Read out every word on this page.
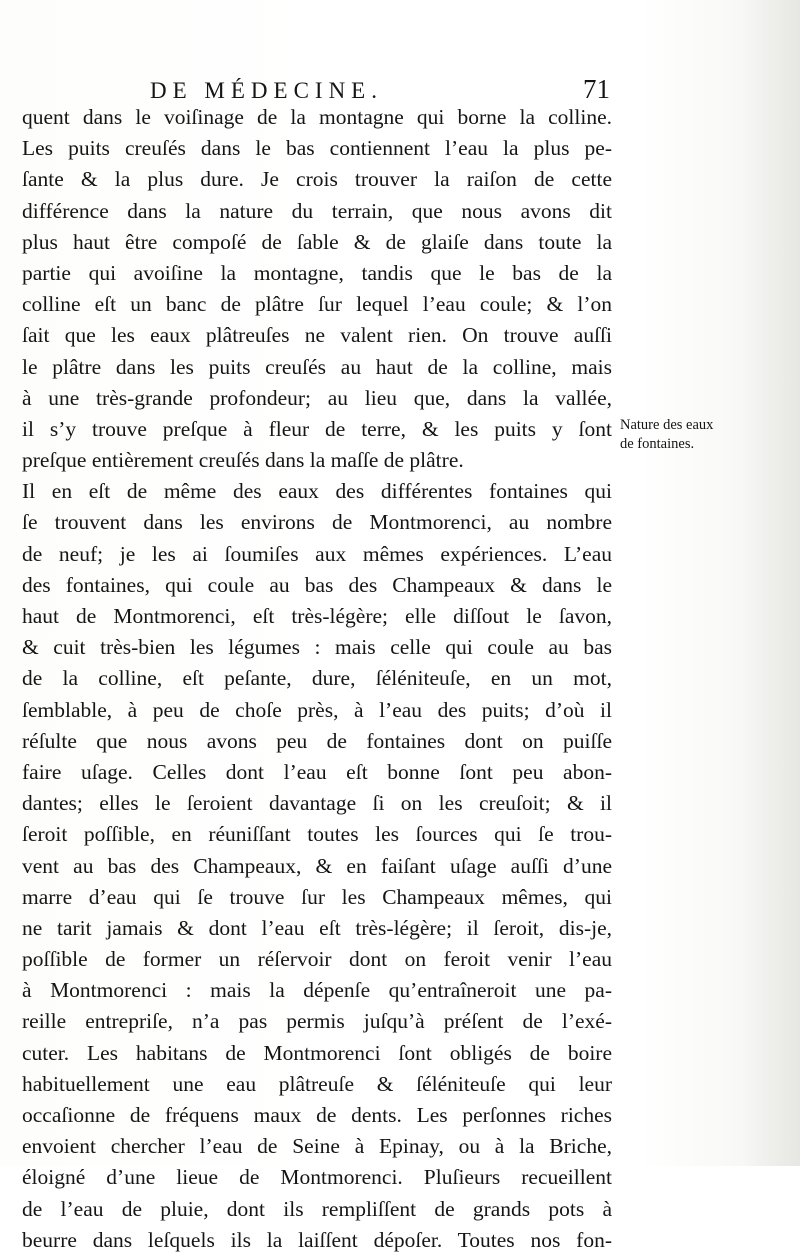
DE MÉDECINE.	71
quent dans le voiſinage de la montagne qui borne la colline.
Les puits creuſés dans le bas contiennent l’eau la plus pe-
ſante & la plus dure. Je crois trouver la raiſon de cette
différence dans la nature du terrain, que nous avons dit
plus haut être compoſé de ſable & de glaiſe dans toute la
partie qui avoiſine la montagne, tandis que le bas de la
colline eſt un banc de plâtre ſur lequel l’eau coule; & l’on
ſait que les eaux plâtreuſes ne valent rien. On trouve auſſi
le plâtre dans les puits creuſés au haut de la colline, mais
à une très-grande profondeur; au lieu que, dans la vallée,
il s’y trouve preſque à fleur de terre, & les puits y ſont
preſque entièrement creuſés dans la maſſe de plâtre.
Il en eſt de même des eaux des différentes fontaines qui
ſe trouvent dans les environs de Montmorenci, au nombre
de neuf; je les ai ſoumiſes aux mêmes expériences. L’eau
des fontaines, qui coule au bas des Champeaux & dans le
haut de Montmorenci, eſt très-légère; elle diſſout le ſavon,
& cuit très-bien les légumes : mais celle qui coule au bas
de la colline, eſt peſante, dure, ſéléniteuſe, en un mot,
ſemblable, à peu de choſe près, à l’eau des puits; d’où il
réſulte que nous avons peu de fontaines dont on puiſſe
faire uſage. Celles dont l’eau eſt bonne ſont peu abon-
dantes; elles le ſeroient davantage ſi on les creuſoit; & il
ſeroit poſſible, en réuniſſant toutes les ſources qui ſe trou-
vent au bas des Champeaux, & en faiſant uſage auſſi d’une
marre d’eau qui ſe trouve ſur les Champeaux mêmes, qui
ne tarit jamais & dont l’eau eſt très-légère; il ſeroit, dis-je,
poſſible de former un réſervoir dont on feroit venir l’eau
à Montmorenci : mais la dépenſe qu’entraîneroit une pa-
reille entrepriſe, n’a pas permis juſqu’à préſent de l’exé-
cuter. Les habitans de Montmorenci ſont obligés de boire
habituellement une eau plâtreuſe & ſéléniteuſe qui leur
occaſionne de fréquens maux de dents. Les perſonnes riches
envoient chercher l’eau de Seine à Epinay, ou à la Briche,
éloigné d’une lieue de Montmorenci. Pluſieurs recueillent
de l’eau de pluie, dont ils rempliſſent de grands pots à
beurre dans leſquels ils la laiſſent dépoſer. Toutes nos fon-
Nature des eaux
de fontaines.
